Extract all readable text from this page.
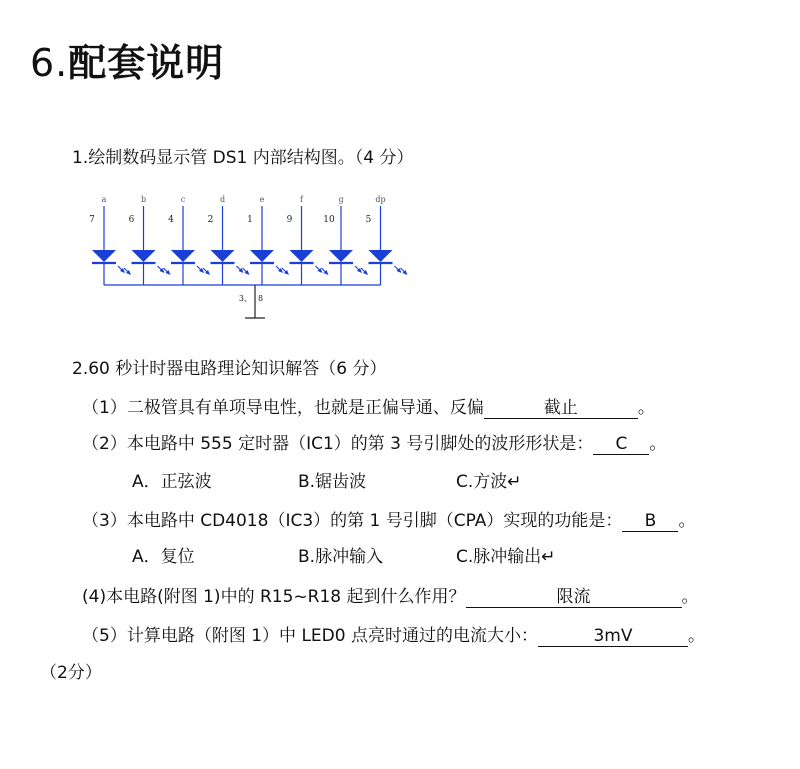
6.配套说明
1.绘制数码显示管 DS1 内部结构图。（4 分）
a
7
b
6
c
4
d
2
e
1
f
9
g
10
dp
5
3、 8
2.60 秒计时器电路理论知识解答（6 分）
（1）二极管具有单项导电性，也就是正偏导通、反偏	截止	。
（2）本电路中 555 定时器（IC1）的第 3 号引脚处的波形形状是： C 。
A．正弦波	B.锯齿波	C.方波↵
（3）本电路中 CD4018（IC3）的第 1 号引脚（CPA）实现的功能是： B 。
A．复位	B.脉冲输入	C.脉冲输出↵
(4)本电路(附图 1)中的 R15~R18 起到什么作用？	限流	。
（5）计算电路（附图 1）中 LED0 点亮时通过的电流大小：	3mV	。
（2分）
